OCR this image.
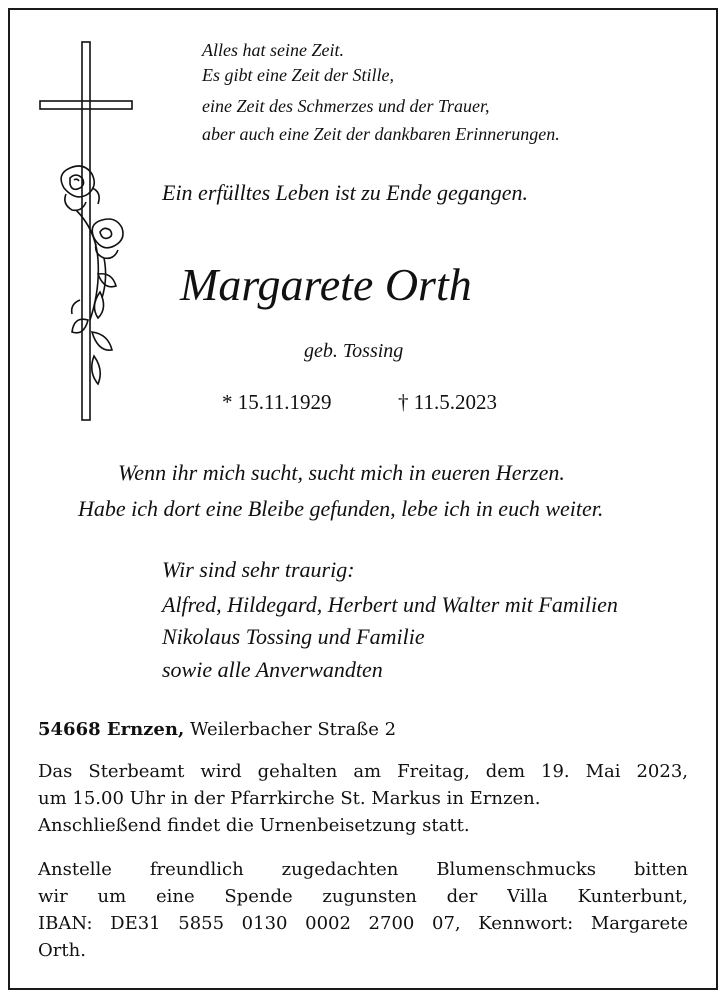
Alles hat seine Zeit.

Es gibt eine Zeit der Stille,

eine Zeit des Schmerzes und der Trauer,

aber auch eine Zeit der dankbaren Erinnerungen.

Ein erfülltes Leben ist zu Ende gegangen.

Margarete Orth

geb. Tossing

* 15.11.1929	† 11.5.2023

Wenn ihr mich sucht, sucht mich in eueren Herzen.

Habe ich dort eine Bleibe gefunden, lebe ich in euch weiter.

Wir sind sehr traurig:

Alfred, Hildegard, Herbert und Walter mit Familien

Nikolaus Tossing und Familie

sowie alle Anverwandten

54668 Ernzen, Weilerbacher Straße 2

Das Sterbeamt wird gehalten am Freitag, dem 19. Mai 2023,

um 15.00 Uhr in der Pfarrkirche St. Markus in Ernzen.

Anschließend findet die Urnenbeisetzung statt.

Anstelle freundlich zugedachten Blumenschmucks bitten

wir um eine Spende zugunsten der Villa Kunterbunt,

IBAN: DE31 5855 0130 0002 2700 07, Kennwort: Margarete

Orth.
